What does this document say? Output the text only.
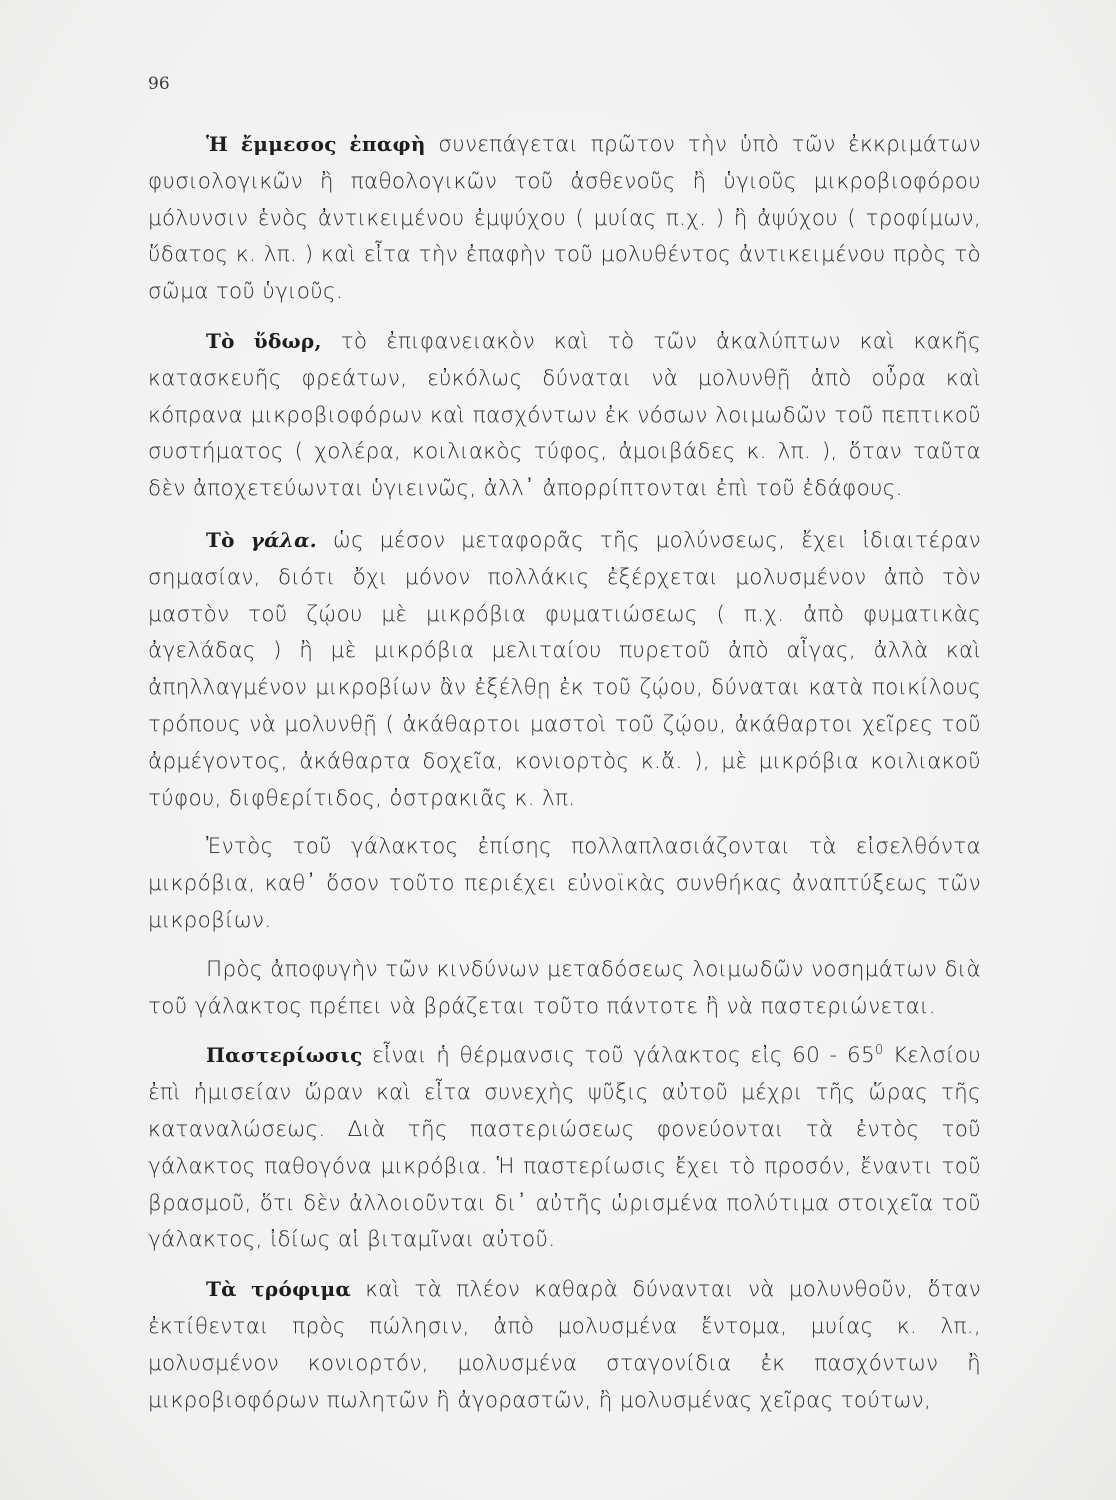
96

Ἡ ἔμμεσος ἐπαφὴ συνεπάγεται πρῶτον τὴν ὑπὸ τῶν ἐκκριμάτων φυσιολογικῶν ἢ παθολογικῶν τοῦ ἀσθενοῦς ἢ ὑγιοῦς μικροβιοφόρου μόλυνσιν ἑνὸς ἀντικειμένου ἐμψύχου ( μυίας π.χ. ) ἢ ἀψύχου ( τροφίμων, ὕδατος κ. λπ. ) καὶ εἶτα τὴν ἐπαφὴν τοῦ μολυθέντος ἀντικειμένου πρὸς τὸ σῶμα τοῦ ὑγιοῦς.

Τὸ ὕδωρ, τὸ ἐπιφανειακὸν καὶ τὸ τῶν ἀκαλύπτων καὶ κακῆς κατασκευῆς φρεάτων, εὐκόλως δύναται νὰ μολυνθῇ ἀπὸ οὖρα καὶ κόπρανα μικροβιοφόρων καὶ πασχόντων ἐκ νόσων λοιμωδῶν τοῦ πεπτικοῦ συστήματος ( χολέρα, κοιλιακὸς τύφος, ἀμοιβάδες κ. λπ. ), ὅταν ταῦτα δὲν ἀποχετεύωνται ὑγιεινῶς, ἀλλ᾽ ἀπορρίπτονται ἐπὶ τοῦ ἐδάφους.

Τὸ γάλα. ὡς μέσον μεταφορᾶς τῆς μολύνσεως, ἔχει ἰδιαιτέραν σημασίαν, διότι ὄχι μόνον πολλάκις ἐξέρχεται μολυσμένον ἀπὸ τὸν μαστὸν τοῦ ζῴου μὲ μικρόβια φυματιώσεως ( π.χ. ἀπὸ φυματικὰς ἀγελάδας ) ἢ μὲ μικρόβια μελιταίου πυρετοῦ ἀπὸ αἶγας, ἀλλὰ καὶ ἀπηλλαγμένον μικροβίων ἂν ἐξέλθῃ ἐκ τοῦ ζῴου, δύναται κατὰ ποικίλους τρόπους νὰ μολυνθῇ ( ἀκάθαρτοι μαστοὶ τοῦ ζῴου, ἀκάθαρτοι χεῖρες τοῦ ἀρμέγοντος, ἀκάθαρτα δοχεῖα, κονιορτὸς κ.ἄ. ), μὲ μικρόβια κοιλιακοῦ τύφου, διφθερίτιδος, ὀστρακιᾶς κ. λπ.

Ἐντὸς τοῦ γάλακτος ἐπίσης πολλαπλασιάζονται τὰ εἰσελθόντα μικρόβια, καθ᾽ ὅσον τοῦτο περιέχει εὐνοϊκὰς συνθήκας ἀναπτύξεως τῶν μικροβίων.

Πρὸς ἀποφυγὴν τῶν κινδύνων μεταδόσεως λοιμωδῶν νοσημάτων διὰ τοῦ γάλακτος πρέπει νὰ βράζεται τοῦτο πάντοτε ἢ νὰ παστεριώνεται.

Παστερίωσις εἶναι ἡ θέρμανσις τοῦ γάλακτος εἰς $60 - 65^0$ Κελσίου ἐπὶ ἡμισείαν ὥραν καὶ εἶτα συνεχὴς ψῦξις αὐτοῦ μέχρι τῆς ὥρας τῆς καταναλώσεως. Διὰ τῆς παστεριώσεως φονεύονται τὰ ἐντὸς τοῦ γάλακτος παθογόνα μικρόβια. Ἡ παστερίωσις ἔχει τὸ προσόν, ἔναντι τοῦ βρασμοῦ, ὅτι δὲν ἀλλοιοῦνται δι᾽ αὐτῆς ὡρισμένα πολύτιμα στοιχεῖα τοῦ γάλακτος, ἰδίως αἱ βιταμῖναι αὐτοῦ.

Τὰ τρόφιμα καὶ τὰ πλέον καθαρὰ δύνανται νὰ μολυνθοῦν, ὅταν ἐκτίθενται πρὸς πώλησιν, ἀπὸ μολυσμένα ἔντομα, μυίας κ. λπ., μολυσμένον κονιορτόν, μολυσμένα σταγονίδια ἐκ πασχόντων ἢ μικροβιοφόρων πωλητῶν ἢ ἀγοραστῶν, ἢ μολυσμένας χεῖρας τούτων,
